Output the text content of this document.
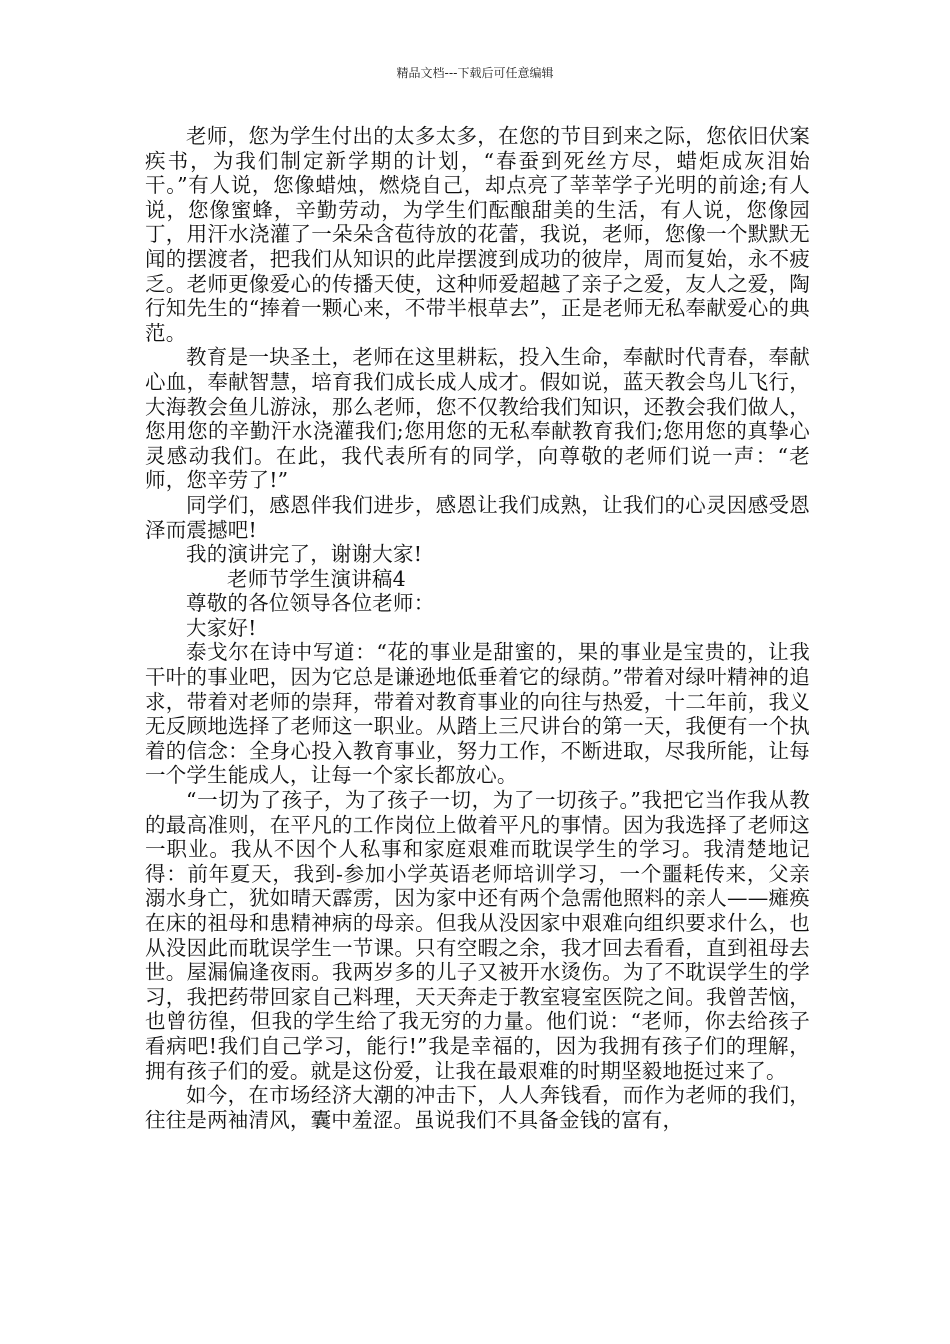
精品文档---下载后可任意编辑

老师，您为学生付出的太多太多，在您的节目到来之际，您依旧伏案疾书，为我们制定新学期的计划，“春蚕到死丝方尽，蜡炬成灰泪始干。”有人说，您像蜡烛，燃烧自己，却点亮了莘莘学子光明的前途;有人说，您像蜜蜂，辛勤劳动，为学生们酝酿甜美的生活，有人说，您像园丁，用汗水浇灌了一朵朵含苞待放的花蕾，我说，老师，您像一个默默无闻的摆渡者，把我们从知识的此岸摆渡到成功的彼岸，周而复始，永不疲乏。老师更像爱心的传播天使，这种师爱超越了亲子之爱，友人之爱，陶行知先生的“捧着一颗心来，不带半根草去”，正是老师无私奉献爱心的典范。

教育是一块圣土，老师在这里耕耘，投入生命，奉献时代青春，奉献心血，奉献智慧，培育我们成长成人成才。假如说，蓝天教会鸟儿飞行，大海教会鱼儿游泳，那么老师，您不仅教给我们知识，还教会我们做人，您用您的辛勤汗水浇灌我们;您用您的无私奉献教育我们;您用您的真挚心灵感动我们。在此，我代表所有的同学，向尊敬的老师们说一声：“老师，您辛劳了!”

同学们，感恩伴我们进步，感恩让我们成熟，让我们的心灵因感受恩泽而震撼吧!

我的演讲完了，谢谢大家!

老师节学生演讲稿4

尊敬的各位领导各位老师：

大家好!

泰戈尔在诗中写道：“花的事业是甜蜜的，果的事业是宝贵的，让我干叶的事业吧，因为它总是谦逊地低垂着它的绿荫。”带着对绿叶精神的追求，带着对老师的崇拜，带着对教育事业的向往与热爱，十二年前，我义无反顾地选择了老师这一职业。从踏上三尺讲台的第一天，我便有一个执着的信念：全身心投入教育事业，努力工作，不断进取，尽我所能，让每一个学生能成人，让每一个家长都放心。

“一切为了孩子，为了孩子一切，为了一切孩子。”我把它当作我从教的最高准则，在平凡的工作岗位上做着平凡的事情。因为我选择了老师这一职业。我从不因个人私事和家庭艰难而耽误学生的学习。我清楚地记得：前年夏天，我到-参加小学英语老师培训学习，一个噩耗传来，父亲溺水身亡，犹如晴天霹雳，因为家中还有两个急需他照料的亲人——瘫痪在床的祖母和患精神病的母亲。但我从没因家中艰难向组织要求什么，也从没因此而耽误学生一节课。只有空暇之余，我才回去看看，直到祖母去世。屋漏偏逢夜雨。我两岁多的儿子又被开水烫伤。为了不耽误学生的学习，我把药带回家自己料理，天天奔走于教室寝室医院之间。我曾苦恼，也曾彷徨，但我的学生给了我无穷的力量。他们说：“老师，你去给孩子看病吧!我们自己学习，能行!”我是幸福的，因为我拥有孩子们的理解，拥有孩子们的爱。就是这份爱，让我在最艰难的时期坚毅地挺过来了。

如今，在市场经济大潮的冲击下，人人奔钱看，而作为老师的我们，往往是两袖清风，囊中羞涩。虽说我们不具备金钱的富有，
